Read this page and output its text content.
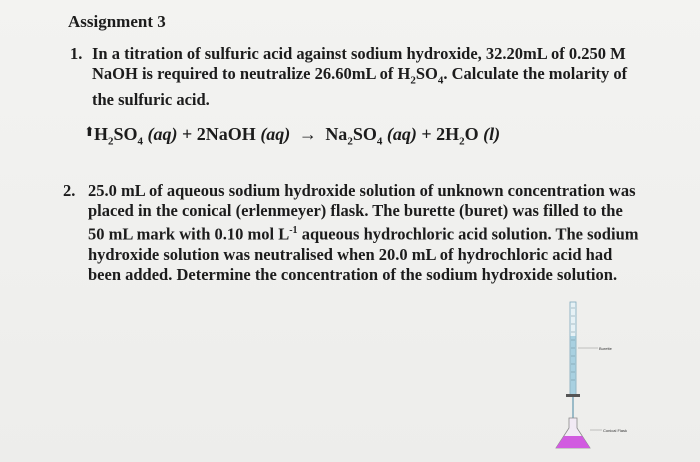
Assignment 3
1. In a titration of sulfuric acid against sodium hydroxide, 32.20mL of 0.250 M
NaOH is required to neutralize 26.60mL of $H_2SO_4$. Calculate the molarity of
the sulfuric acid.
⬆ $H_2SO_4$ (aq) + 2NaOH $(aq) \to Na_2SO_4$ $(aq) + 2H_2O$ (l)
2. 25.0 mL of aqueous sodium hydroxide solution of unknown concentration was
placed in the conical (erlenmeyer) flask. The burette (buret) was filled to the
50 mL mark with 0.10 mol $L^{-1}$ aqueous hydrochloric acid solution. The sodium
hydroxide solution was neutralised when 20.0 mL of hydrochloric acid had
been added. Determine the concentration of the sodium hydroxide solution.
Burette
Conical Flask
